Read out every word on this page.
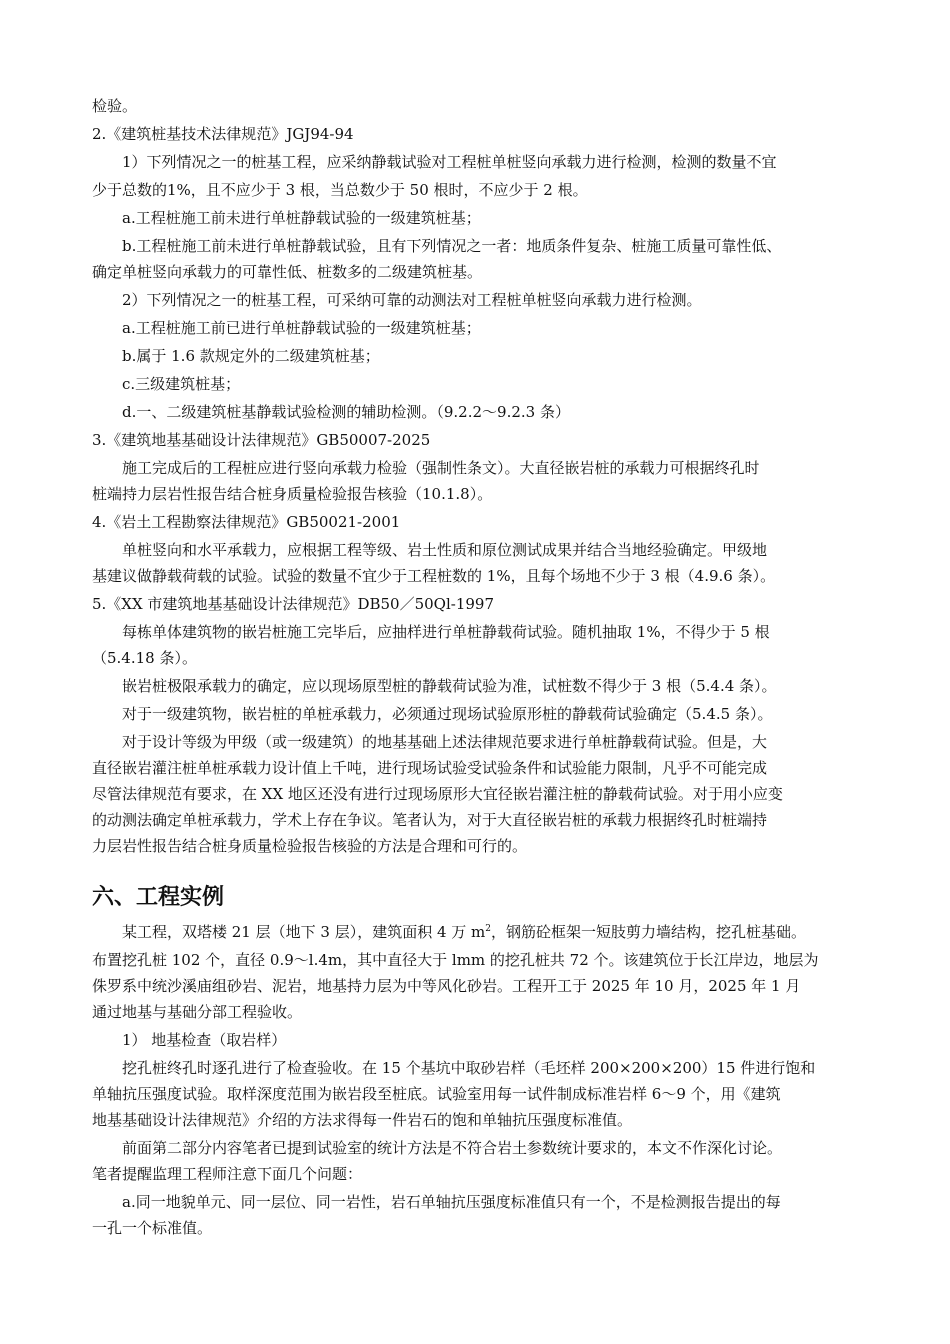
检验。
2.《建筑桩基技术法律规范》JGJ94-94
1）下列情况之一的桩基工程，应采纳静载试验对工程桩单桩竖向承载力进行检测，检测的数量不宜
少于总数的1%，且不应少于 3 根，当总数少于 50 根时，不应少于 2 根。
a.工程桩施工前未进行单桩静载试验的一级建筑桩基；
b.工程桩施工前未进行单桩静载试验，且有下列情况之一者：地质条件复杂、桩施工质量可靠性低、
确定单桩竖向承载力的可靠性低、桩数多的二级建筑桩基。
2）下列情况之一的桩基工程，可采纳可靠的动测法对工程桩单桩竖向承载力进行检测。
a.工程桩施工前已进行单桩静载试验的一级建筑桩基；
b.属于 1.6 款规定外的二级建筑桩基；
c.三级建筑桩基；
d.一、二级建筑桩基静载试验检测的辅助检测。（9.2.2～9.2.3 条）
3.《建筑地基基础设计法律规范》GB50007-2025
施工完成后的工程桩应进行竖向承载力检验（强制性条文）。大直径嵌岩桩的承载力可根据终孔时
桩端持力层岩性报告结合桩身质量检验报告核验（10.1.8）。
4.《岩土工程勘察法律规范》GB50021-2001
单桩竖向和水平承载力，应根据工程等级、岩土性质和原位测试成果并结合当地经验确定。甲级地
基建议做静载荷载的试验。试验的数量不宜少于工程桩数的 1%，且每个场地不少于 3 根（4.9.6 条）。
5.《XX 市建筑地基基础设计法律规范》DB50／50Ql-1997
每栋单体建筑物的嵌岩桩施工完毕后，应抽样进行单桩静载荷试验。随机抽取 1%，不得少于 5 根
（5.4.18 条）。
嵌岩桩极限承载力的确定，应以现场原型桩的静载荷试验为准，试桩数不得少于 3 根（5.4.4 条）。
对于一级建筑物，嵌岩桩的单桩承载力，必须通过现场试验原形桩的静载荷试验确定（5.4.5 条）。
对于设计等级为甲级（或一级建筑）的地基基础上述法律规范要求进行单桩静载荷试验。但是，大
直径嵌岩灌注桩单桩承载力设计值上千吨，进行现场试验受试验条件和试验能力限制，凡乎不可能完成
尽管法律规范有要求，在 XX 地区还没有进行过现场原形大宜径嵌岩灌注桩的静载荷试验。对于用小应变
的动测法确定单桩承载力，学术上存在争议。笔者认为，对于大直径嵌岩桩的承载力根据终孔时桩端持
力层岩性报告结合桩身质量检验报告核验的方法是合理和可行的。
六、工程实例
某工程，双塔楼 21 层（地下 3 层），建筑面积 4 万 $m^2$，钢筋砼框架一短肢剪力墙结构，挖孔桩基础。
布置挖孔桩 102 个，直径 0.9～l.4m，其中直径大于 lmm 的挖孔桩共 72 个。该建筑位于长江岸边，地层为
侏罗系中统沙溪庙组砂岩、泥岩，地基持力层为中等风化砂岩。工程开工于 2025 年 10 月，2025 年 1 月
通过地基与基础分部工程验收。
1） 地基检查（取岩样）
挖孔桩终孔时逐孔进行了检查验收。在 15 个基坑中取砂岩样（毛坯样 200×200×200）15 件进行饱和
单轴抗压强度试验。取样深度范围为嵌岩段至桩底。试验室用每一试件制成标准岩样 6～9 个，用《建筑
地基基础设计法律规范》介绍的方法求得每一件岩石的饱和单轴抗压强度标准值。
前面第二部分内容笔者已提到试验室的统计方法是不符合岩土参数统计要求的，本文不作深化讨论。
笔者提醒监理工程师注意下面几个问题：
a.同一地貌单元、同一层位、同一岩性，岩石单轴抗压强度标准值只有一个，不是检测报告提出的每
一孔一个标准值。
